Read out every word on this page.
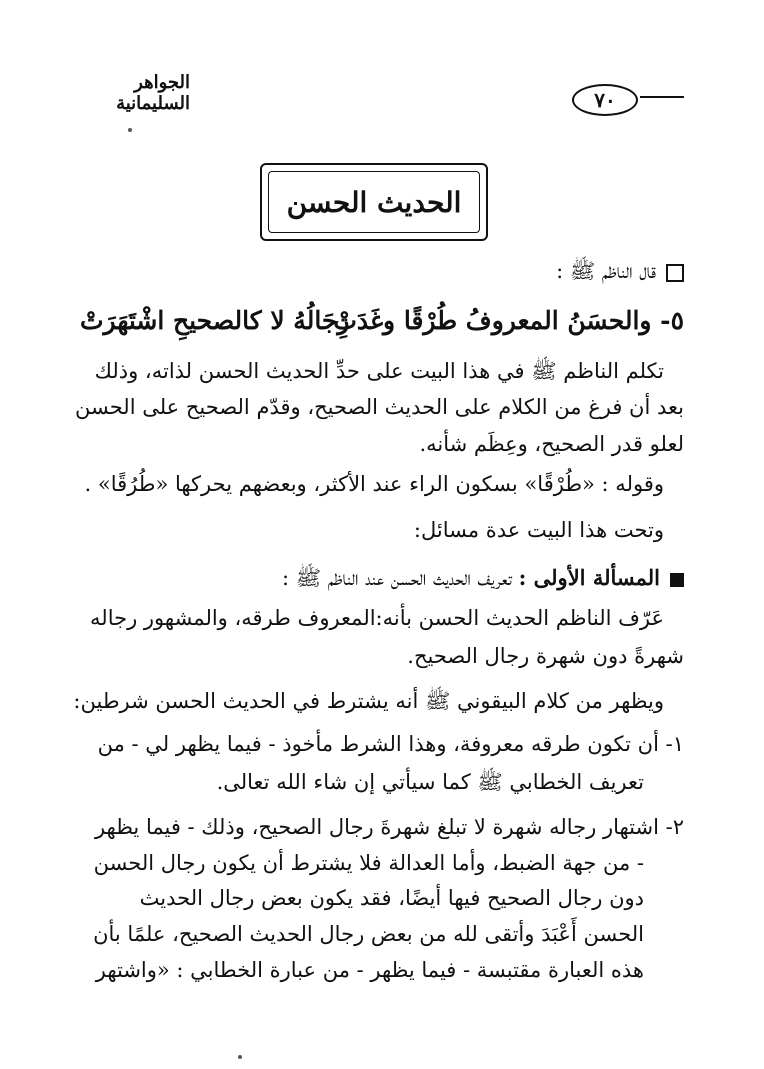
الجواهر السليمانية	٧٠
الحديث الحسن
قال الناظم ﷺ :
٥- والحسَنُ المعروفُ طُرْقًا وغَدَتْ
رِجَالُهُ لا كالصحيحِ اشْتَهَرَتْ
تكلم الناظم ﷺ في هذا البيت على حدِّ الحديث الحسن لذاته، وذلك
بعد أن فرغ من الكلام على الحديث الصحيح، وقدّم الصحيح على الحسن
لعلو قدر الصحيح، وعِظَم شأنه.
وقوله : «طُرْقًا» بسكون الراء عند الأكثر، وبعضهم يحركها «طُرُقًا» .
وتحت هذا البيت عدة مسائل:
المسألة الأولى : تعريف الحديث الحسن عند الناظم ﷺ :
عَرّف الناظم الحديث الحسن بأنه:المعروف طرقه، والمشهور رجاله
شهرةً دون شهرة رجال الصحيح.
ويظهر من كلام البيقوني ﷺ أنه يشترط في الحديث الحسن شرطين:
١- أن تكون طرقه معروفة، وهذا الشرط مأخوذ - فيما يظهر لي - من
تعريف الخطابي ﷺ كما سيأتي إن شاء الله تعالى.
٢- اشتهار رجاله شهرة لا تبلغ شهرةَ رجال الصحيح، وذلك - فيما يظهر
- من جهة الضبط، وأما العدالة فلا يشترط أن يكون رجال الحسن
دون رجال الصحيح فيها أيضًا، فقد يكون بعض رجال الحديث
الحسن أَعْبَدَ وأتقى لله من بعض رجال الحديث الصحيح، علمًا بأن
هذه العبارة مقتبسة - فيما يظهر - من عبارة الخطابي : «واشتهر
